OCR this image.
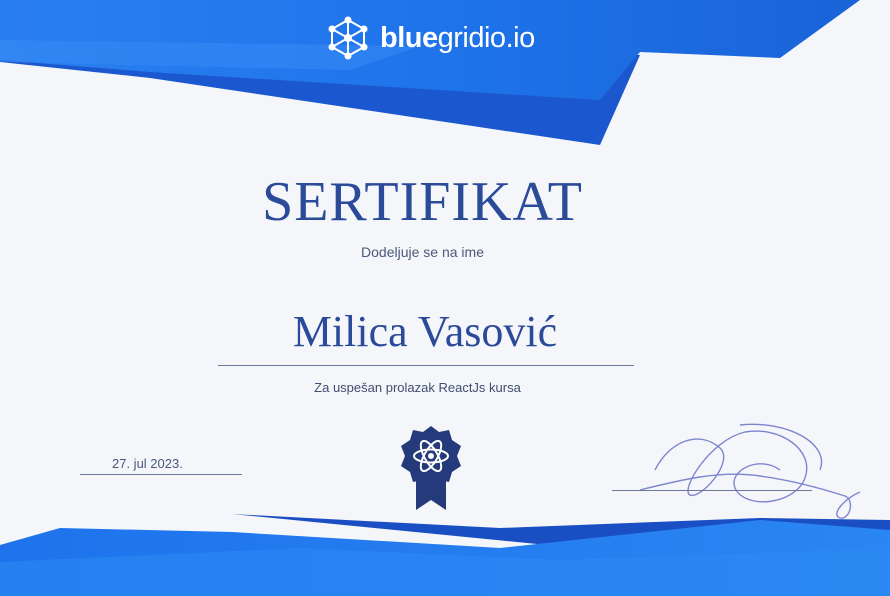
bluegridio.io
SERTIFIKAT
Dodeljuje se na ime
Milica Vasović
Za uspešan prolazak ReactJs kursa
27. jul 2023.
